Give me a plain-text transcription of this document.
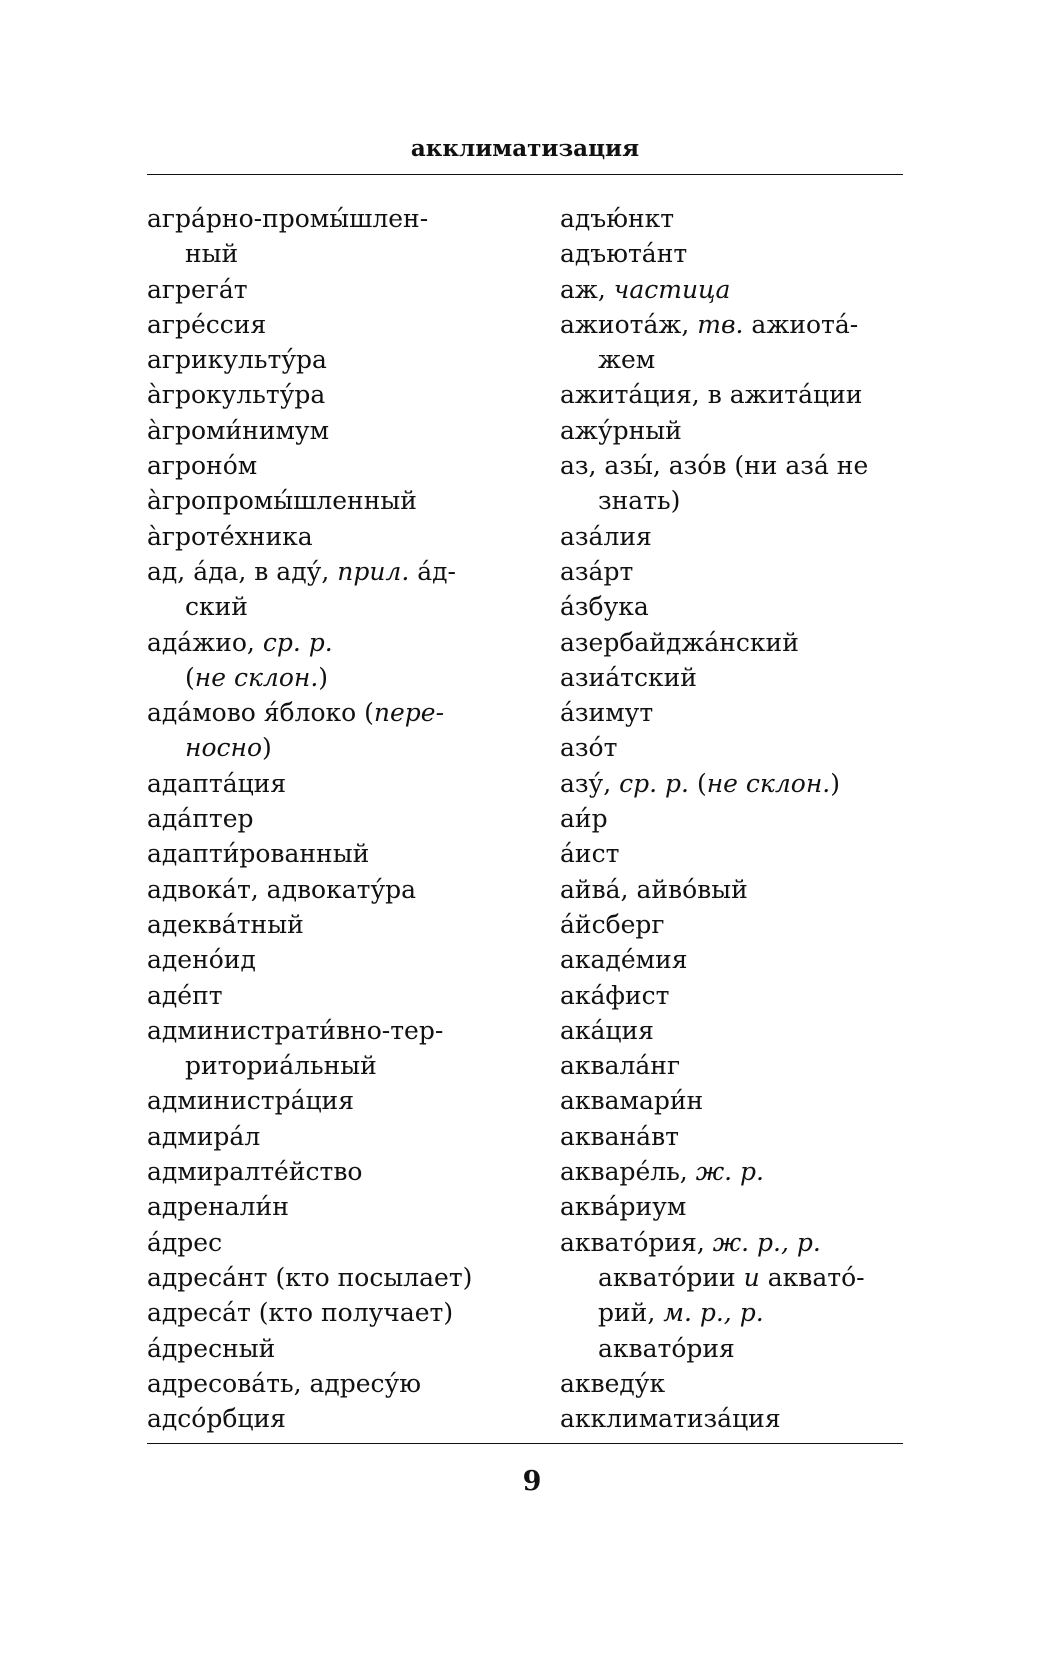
акклиматизация
агра́рно-промы́шлен-
ный
агрега́т
агре́ссия
агрикульту́ра
а̀грокульту́ра
а̀громи́нимум
агроно́м
а̀гропромы́шленный
а̀гроте́хника
ад, а́да, в аду́, прил. а́д-
ский
ада́жио, ср. р.
(не склон.)
ада́мово я́блоко (пере-
носно)
адапта́ция
ада́птер
адапти́рованный
адвока́т, адвокату́ра
адеква́тный
адено́ид
аде́пт
администрати́вно-тер-
риториа́льный
администра́ция
адмира́л
адмиралте́йство
адренали́н
а́дрес
адреса́нт (кто посылает)
адреса́т (кто получает)
а́дресный
адресова́ть, адресу́ю
адсо́рбция
адъю́нкт
адъюта́нт
аж, частица
ажиота́ж, тв. ажиота́-
жем
ажита́ция, в ажита́ции
ажу́рный
аз, азы́, азо́в (ни аза́ не
знать)
аза́лия
аза́рт
а́збука
азербайджа́нский
азиа́тский
а́зимут
азо́т
азу́, ср. р. (не склон.)
аи́р
а́ист
айва́, айво́вый
а́йсберг
акаде́мия
ака́фист
ака́ция
аквала́нг
аквамари́н
аквана́вт
акваре́ль, ж. р.
аква́риум
аквато́рия, ж. р., р.
аквато́рии и аквато́-
рий, м. р., р.
аквато́рия
акведу́к
акклиматиза́ция
9
